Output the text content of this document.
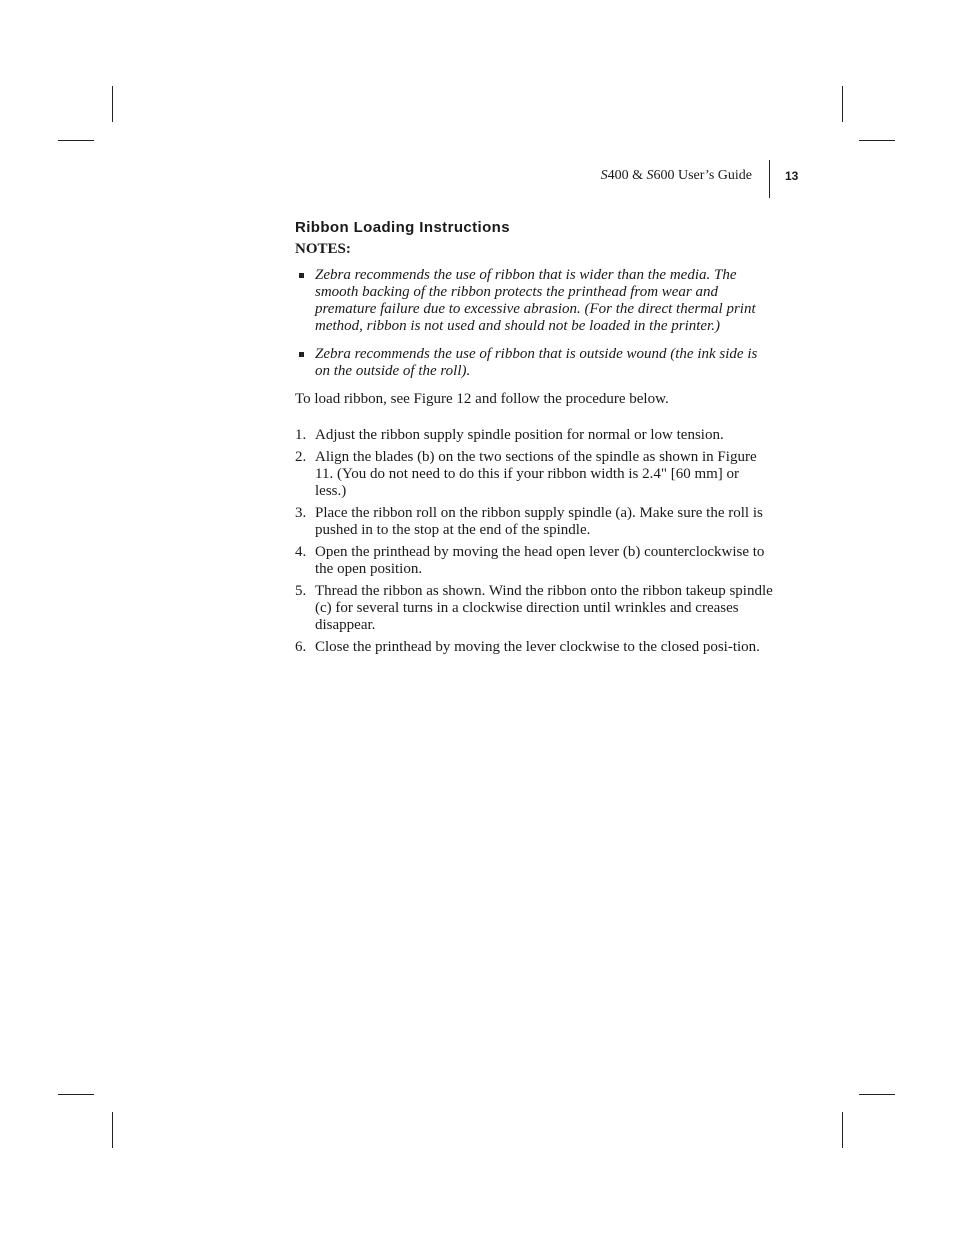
S400 & S600 User’s Guide	13
Ribbon Loading Instructions
NOTES:
Zebra recommends the use of ribbon that is wider than the media. The smooth backing of the ribbon protects the printhead from wear and premature failure due to excessive abrasion. (For the direct thermal print method, ribbon is not used and should not be loaded in the printer.)
Zebra recommends the use of ribbon that is outside wound (the ink side is on the outside of the roll).

To load ribbon, see Figure 12 and follow the procedure below.

1. Adjust the ribbon supply spindle position for normal or low tension.
2. Align the blades (b) on the two sections of the spindle as shown in Figure 11. (You do not need to do this if your ribbon width is 2.4" [60 mm] or less.)
3. Place the ribbon roll on the ribbon supply spindle (a). Make sure the roll is pushed in to the stop at the end of the spindle.
4. Open the printhead by moving the head open lever (b) counterclockwise to the open position.
5. Thread the ribbon as shown. Wind the ribbon onto the ribbon takeup spindle (c) for several turns in a clockwise direction until wrinkles and creases disappear.
6. Close the printhead by moving the lever clockwise to the closed posi-tion.
